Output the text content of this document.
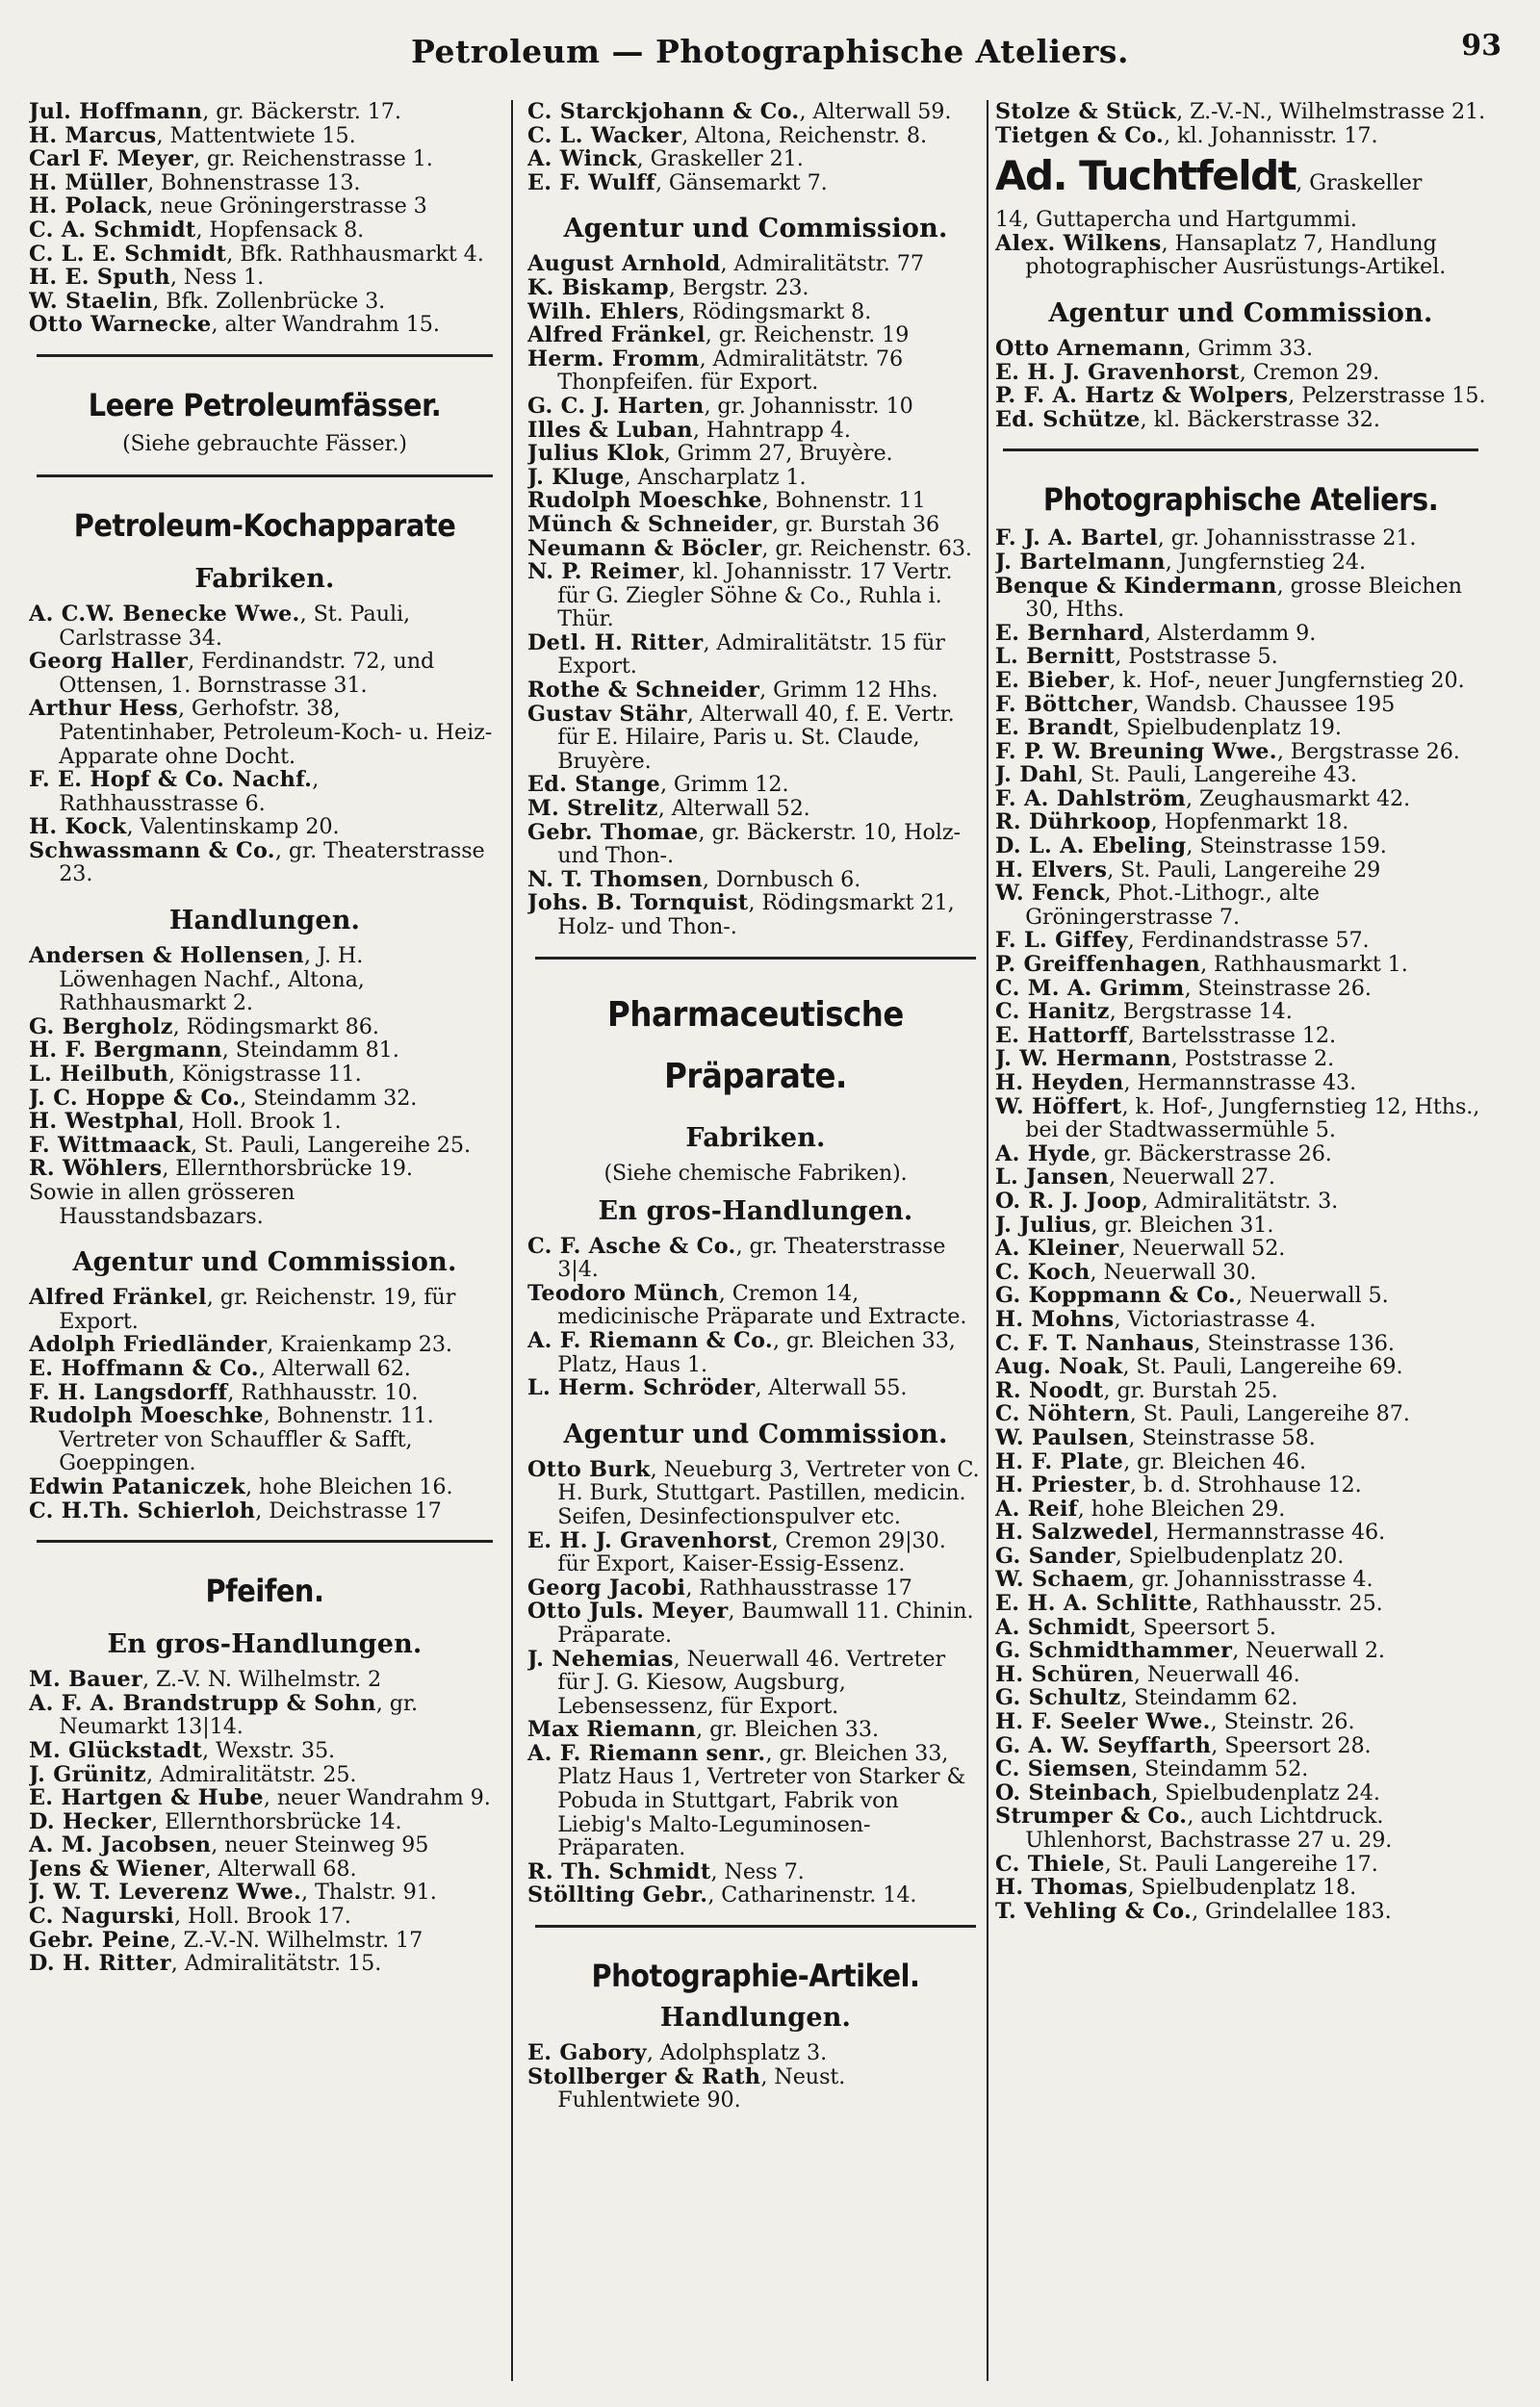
Petroleum — Photographische Ateliers.	93

Jul. Hoffmann, gr. Bäckerstr. 17.

H. Marcus, Mattentwiete 15.

Carl F. Meyer, gr. Reichenstrasse 1.

H. Müller, Bohnenstrasse 13.

H. Polack, neue Gröningerstrasse 3

C. A. Schmidt, Hopfensack 8.

C. L. E. Schmidt, Bfk. Rathhausmarkt 4.

H. E. Sputh, Ness 1.

W. Staelin, Bfk. Zollenbrücke 3.

Otto Warnecke, alter Wandrahm 15.

Leere Petroleumfässer.
(Siehe gebrauchte Fässer.)
Petroleum-Kochapparate
Fabriken.

A. C.W. Benecke Wwe., St. Pauli, Carlstrasse 34.

Georg Haller, Ferdinandstr. 72, und Ottensen, 1. Bornstrasse 31.

Arthur Hess, Gerhofstr. 38, Patentinhaber, Petroleum-Koch- u. Heiz-Apparate ohne Docht.

F. E. Hopf & Co. Nachf., Rathhausstrasse 6.

H. Kock, Valentinskamp 20.

Schwassmann & Co., gr. Theaterstrasse 23.

Handlungen.

Andersen & Hollensen, J. H. Löwenhagen Nachf., Altona, Rathhausmarkt 2.

G. Bergholz, Rödingsmarkt 86.

H. F. Bergmann, Steindamm 81.

L. Heilbuth, Königstrasse 11.

J. C. Hoppe & Co., Steindamm 32.

H. Westphal, Holl. Brook 1.

F. Wittmaack, St. Pauli, Langereihe 25.

R. Wöhlers, Ellernthorsbrücke 19.

Sowie in allen grösseren Hausstandsbazars.

Agentur und Commission.

Alfred Fränkel, gr. Reichenstr. 19, für Export.

Adolph Friedländer, Kraienkamp 23.

E. Hoffmann & Co., Alterwall 62.

F. H. Langsdorff, Rathhausstr. 10.

Rudolph Moeschke, Bohnenstr. 11. Vertreter von Schauffler & Safft, Goeppingen.

Edwin Pataniczek, hohe Bleichen 16.

C. H.Th. Schierloh, Deichstrasse 17

Pfeifen.
En gros-Handlungen.

M. Bauer, Z.-V. N. Wilhelmstr. 2

A. F. A. Brandstrupp & Sohn, gr. Neumarkt 13|14.

M. Glückstadt, Wexstr. 35.

J. Grünitz, Admiralitätstr. 25.

E. Hartgen & Hube, neuer Wandrahm 9.

D. Hecker, Ellernthorsbrücke 14.

A. M. Jacobsen, neuer Steinweg 95

Jens & Wiener, Alterwall 68.

J. W. T. Leverenz Wwe., Thalstr. 91.

C. Nagurski, Holl. Brook 17.

Gebr. Peine, Z.-V.-N. Wilhelmstr. 17

D. H. Ritter, Admiralitätstr. 15.

C. Starckjohann & Co., Alterwall 59.

C. L. Wacker, Altona, Reichenstr. 8.

A. Winck, Graskeller 21.

E. F. Wulff, Gänsemarkt 7.

Agentur und Commission.

August Arnhold, Admiralitätstr. 77

K. Biskamp, Bergstr. 23.

Wilh. Ehlers, Rödingsmarkt 8.

Alfred Fränkel, gr. Reichenstr. 19

Herm. Fromm, Admiralitätstr. 76 Thonpfeifen. für Export.

G. C. J. Harten, gr. Johannisstr. 10

Illes & Luban, Hahntrapp 4.

Julius Klok, Grimm 27, Bruyère.

J. Kluge, Anscharplatz 1.

Rudolph Moeschke, Bohnenstr. 11

Münch & Schneider, gr. Burstah 36

Neumann & Böcler, gr. Reichenstr. 63.

N. P. Reimer, kl. Johannisstr. 17 Vertr. für G. Ziegler Söhne & Co., Ruhla i. Thür.

Detl. H. Ritter, Admiralitätstr. 15 für Export.

Rothe & Schneider, Grimm 12 Hhs.

Gustav Stähr, Alterwall 40, f. E. Vertr. für E. Hilaire, Paris u. St. Claude, Bruyère.

Ed. Stange, Grimm 12.

M. Strelitz, Alterwall 52.

Gebr. Thomae, gr. Bäckerstr. 10, Holz- und Thon-.

N. T. Thomsen, Dornbusch 6.

Johs. B. Tornquist, Rödingsmarkt 21, Holz- und Thon-.

Pharmaceutische
Präparate.
Fabriken.
(Siehe chemische Fabriken).
En gros-Handlungen.

C. F. Asche & Co., gr. Theaterstrasse 3|4.

Teodoro Münch, Cremon 14, medicinische Präparate und Extracte.

A. F. Riemann & Co., gr. Bleichen 33, Platz, Haus 1.

L. Herm. Schröder, Alterwall 55.

Agentur und Commission.

Otto Burk, Neueburg 3, Vertreter von C. H. Burk, Stuttgart. Pastillen, medicin. Seifen, Desinfectionspulver etc.

E. H. J. Gravenhorst, Cremon 29|30. für Export, Kaiser-Essig-Essenz.

Georg Jacobi, Rathhausstrasse 17

Otto Juls. Meyer, Baumwall 11. Chinin. Präparate.

J. Nehemias, Neuerwall 46. Vertreter für J. G. Kiesow, Augsburg, Lebensessenz, für Export.

Max Riemann, gr. Bleichen 33.

A. F. Riemann senr., gr. Bleichen 33, Platz Haus 1, Vertreter von Starker & Pobuda in Stuttgart, Fabrik von Liebig's Malto-Leguminosen-Präparaten.

R. Th. Schmidt, Ness 7.

Stöllting Gebr., Catharinenstr. 14.

Photographie-Artikel.
Handlungen.

E. Gabory, Adolphsplatz 3.

Stollberger & Rath, Neust. Fuhlentwiete 90.

Stolze & Stück, Z.-V.-N., Wilhelmstrasse 21.

Tietgen & Co., kl. Johannisstr. 17.

Ad. Tuchtfeldt, Graskeller

14, Guttapercha und Hartgummi.

Alex. Wilkens, Hansaplatz 7, Handlung photographischer Ausrüstungs-Artikel.

Agentur und Commission.

Otto Arnemann, Grimm 33.

E. H. J. Gravenhorst, Cremon 29.

P. F. A. Hartz & Wolpers, Pelzerstrasse 15.

Ed. Schütze, kl. Bäckerstrasse 32.

Photographische Ateliers.

F. J. A. Bartel, gr. Johannisstrasse 21.

J. Bartelmann, Jungfernstieg 24.

Benque & Kindermann, grosse Bleichen 30, Hths.

E. Bernhard, Alsterdamm 9.

L. Bernitt, Poststrasse 5.

E. Bieber, k. Hof-, neuer Jungfernstieg 20.

F. Böttcher, Wandsb. Chaussee 195

E. Brandt, Spielbudenplatz 19.

F. P. W. Breuning Wwe., Bergstrasse 26.

J. Dahl, St. Pauli, Langereihe 43.

F. A. Dahlström, Zeughausmarkt 42.

R. Dührkoop, Hopfenmarkt 18.

D. L. A. Ebeling, Steinstrasse 159.

H. Elvers, St. Pauli, Langereihe 29

W. Fenck, Phot.-Lithogr., alte Gröningerstrasse 7.

F. L. Giffey, Ferdinandstrasse 57.

P. Greiffenhagen, Rathhausmarkt 1.

C. M. A. Grimm, Steinstrasse 26.

C. Hanitz, Bergstrasse 14.

E. Hattorff, Bartelsstrasse 12.

J. W. Hermann, Poststrasse 2.

H. Heyden, Hermannstrasse 43.

W. Höffert, k. Hof-, Jungfernstieg 12, Hths., bei der Stadtwassermühle 5.

A. Hyde, gr. Bäckerstrasse 26.

L. Jansen, Neuerwall 27.

O. R. J. Joop, Admiralitätstr. 3.

J. Julius, gr. Bleichen 31.

A. Kleiner, Neuerwall 52.

C. Koch, Neuerwall 30.

G. Koppmann & Co., Neuerwall 5.

H. Mohns, Victoriastrasse 4.

C. F. T. Nanhaus, Steinstrasse 136.

Aug. Noak, St. Pauli, Langereihe 69.

R. Noodt, gr. Burstah 25.

C. Nöhtern, St. Pauli, Langereihe 87.

W. Paulsen, Steinstrasse 58.

H. F. Plate, gr. Bleichen 46.

H. Priester, b. d. Strohhause 12.

A. Reif, hohe Bleichen 29.

H. Salzwedel, Hermannstrasse 46.

G. Sander, Spielbudenplatz 20.

W. Schaem, gr. Johannisstrasse 4.

E. H. A. Schlitte, Rathhausstr. 25.

A. Schmidt, Speersort 5.

G. Schmidthammer, Neuerwall 2.

H. Schüren, Neuerwall 46.

G. Schultz, Steindamm 62.

H. F. Seeler Wwe., Steinstr. 26.

G. A. W. Seyffarth, Speersort 28.

C. Siemsen, Steindamm 52.

O. Steinbach, Spielbudenplatz 24.

Strumper & Co., auch Lichtdruck. Uhlenhorst, Bachstrasse 27 u. 29.

C. Thiele, St. Pauli Langereihe 17.

H. Thomas, Spielbudenplatz 18.

T. Vehling & Co., Grindelallee 183.
